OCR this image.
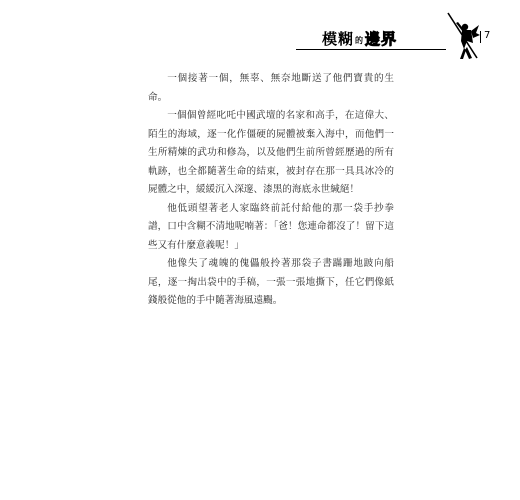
模糊的邊界	7

一個接著一個，無辜、無奈地斷送了他們寶貴的生命。

一個個曾經叱吒中國武壇的名家和高手，在這偉大、陌生的海域，逐一化作僵硬的屍體被棄入海中，而他們一生所精煉的武功和修為，以及他們生前所曾經歷過的所有軌跡，也全都隨著生命的結束，被封存在那一具具冰冷的屍體之中，緩緩沉入深邃、漆黑的海底永世緘絕！

他低頭望著老人家臨終前託付給他的那一袋手抄拳譜，口中含糊不清地呢喃著：「爸！您連命都沒了！留下這些又有什麼意義呢！」

他像失了魂魄的傀儡般拎著那袋子書蹣跚地跛向船尾，逐一掏出袋中的手稿，一張一張地撕下，任它們像紙錢般從他的手中隨著海風遠颺。
